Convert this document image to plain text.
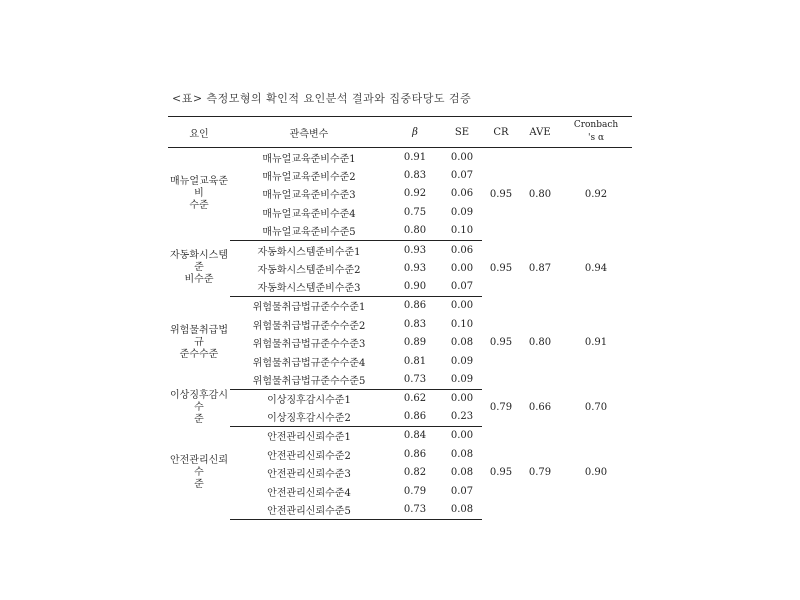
<표> 측정모형의 확인적 요인분석 결과와 집중타당도 검증
요인	관측변수	β	SE	CR	AVE	Cronbach
's α

매뉴얼교육준비
수준	매뉴얼교육준비수준1	0.91	0.00	0.95	0.80	0.92
	매뉴얼교육준비수준2	0.83	0.07			
	매뉴얼교육준비수준3	0.92	0.06			
	매뉴얼교육준비수준4	0.75	0.09			
	매뉴얼교육준비수준5	0.80	0.10			

자동화시스템준
비수준	자동화시스템준비수준1	0.93	0.06	0.95	0.87	0.94
	자동화시스템준비수준2	0.93	0.00			
	자동화시스템준비수준3	0.90	0.07			

위험물취급법규
준수수준	위험물취급법규준수수준1	0.86	0.00	0.95	0.80	0.91
	위험물취급법규준수수준2	0.83	0.10			
	위험물취급법규준수수준3	0.89	0.08			
	위험물취급법규준수수준4	0.81	0.09			
	위험물취급법규준수수준5	0.73	0.09			

이상징후감시수
준	이상징후감시수준1	0.62	0.00	0.79	0.66	0.70
	이상징후감시수준2	0.86	0.23			

안전관리신뢰수
준	안전관리신뢰수준1	0.84	0.00	0.95	0.79	0.90
	안전관리신뢰수준2	0.86	0.08			
	안전관리신뢰수준3	0.82	0.08			
	안전관리신뢰수준4	0.79	0.07			
	안전관리신뢰수준5	0.73	0.08			
